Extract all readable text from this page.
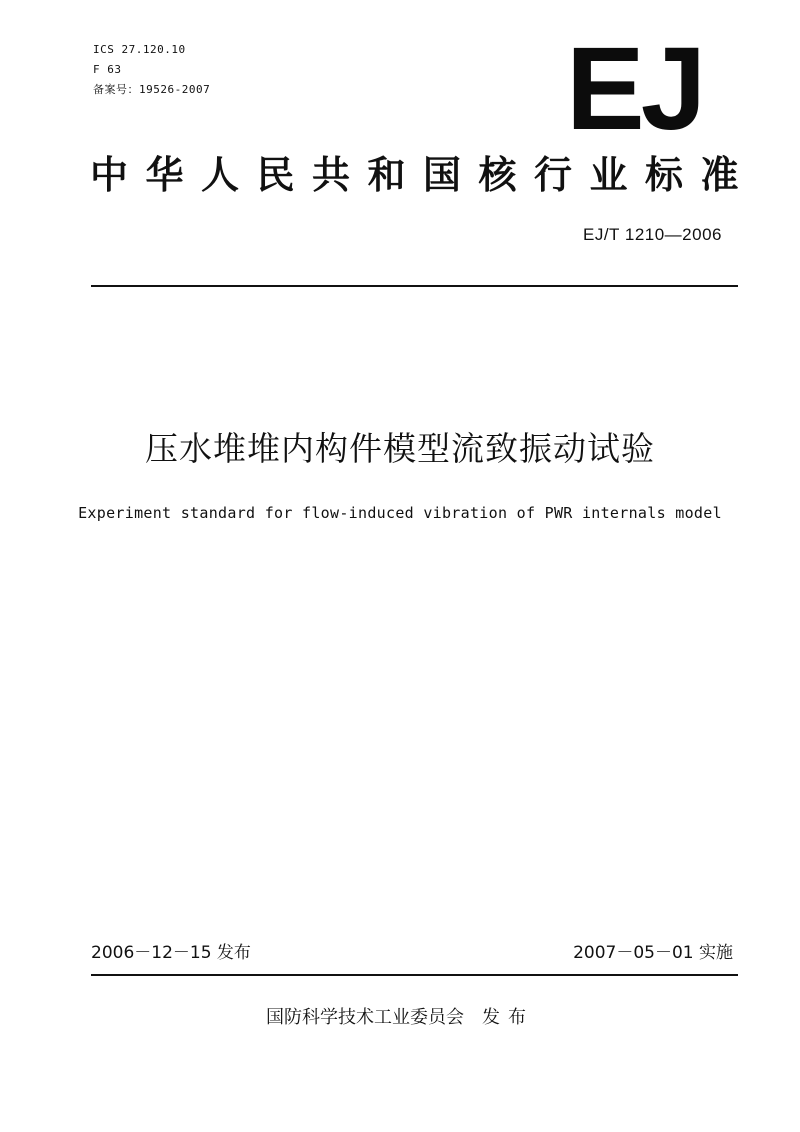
ICS 27.120.10
F 63
备案号：19526-2007	EJ
中华人民共和国核行业标准
EJ/T 1210—2006
压水堆堆内构件模型流致振动试验
Experiment standard for flow-induced vibration of PWR internals model
2006－12－15 发布	2007－05－01 实施
国防科学技术工业委员会 发布
